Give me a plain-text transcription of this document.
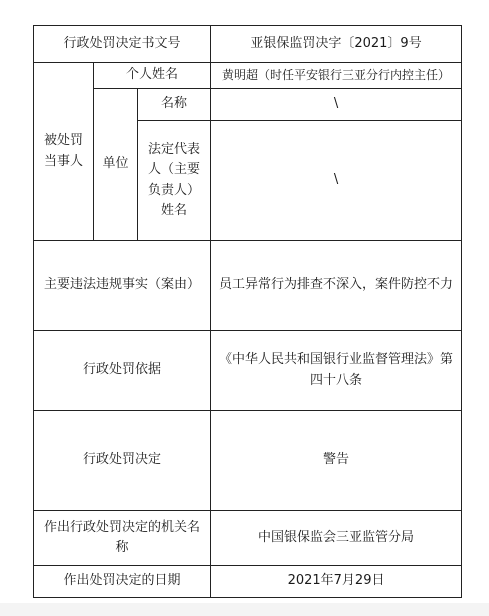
行政处罚决定书文号			亚银保监罚决字〔2021〕9号
被处罚当事人	个人姓名		黄明超（时任平安银行三亚分行内控主任）
	单位	名称	\
		法定代表人（主要负责人）姓名	\
主要违法违规事实（案由）			员工异常行为排查不深入，案件防控不力
行政处罚依据			《中华人民共和国银行业监督管理法》第四十八条
行政处罚决定			警告
作出行政处罚决定的机关名称			中国银保监会三亚监管分局
作出处罚决定的日期			2021年7月29日
